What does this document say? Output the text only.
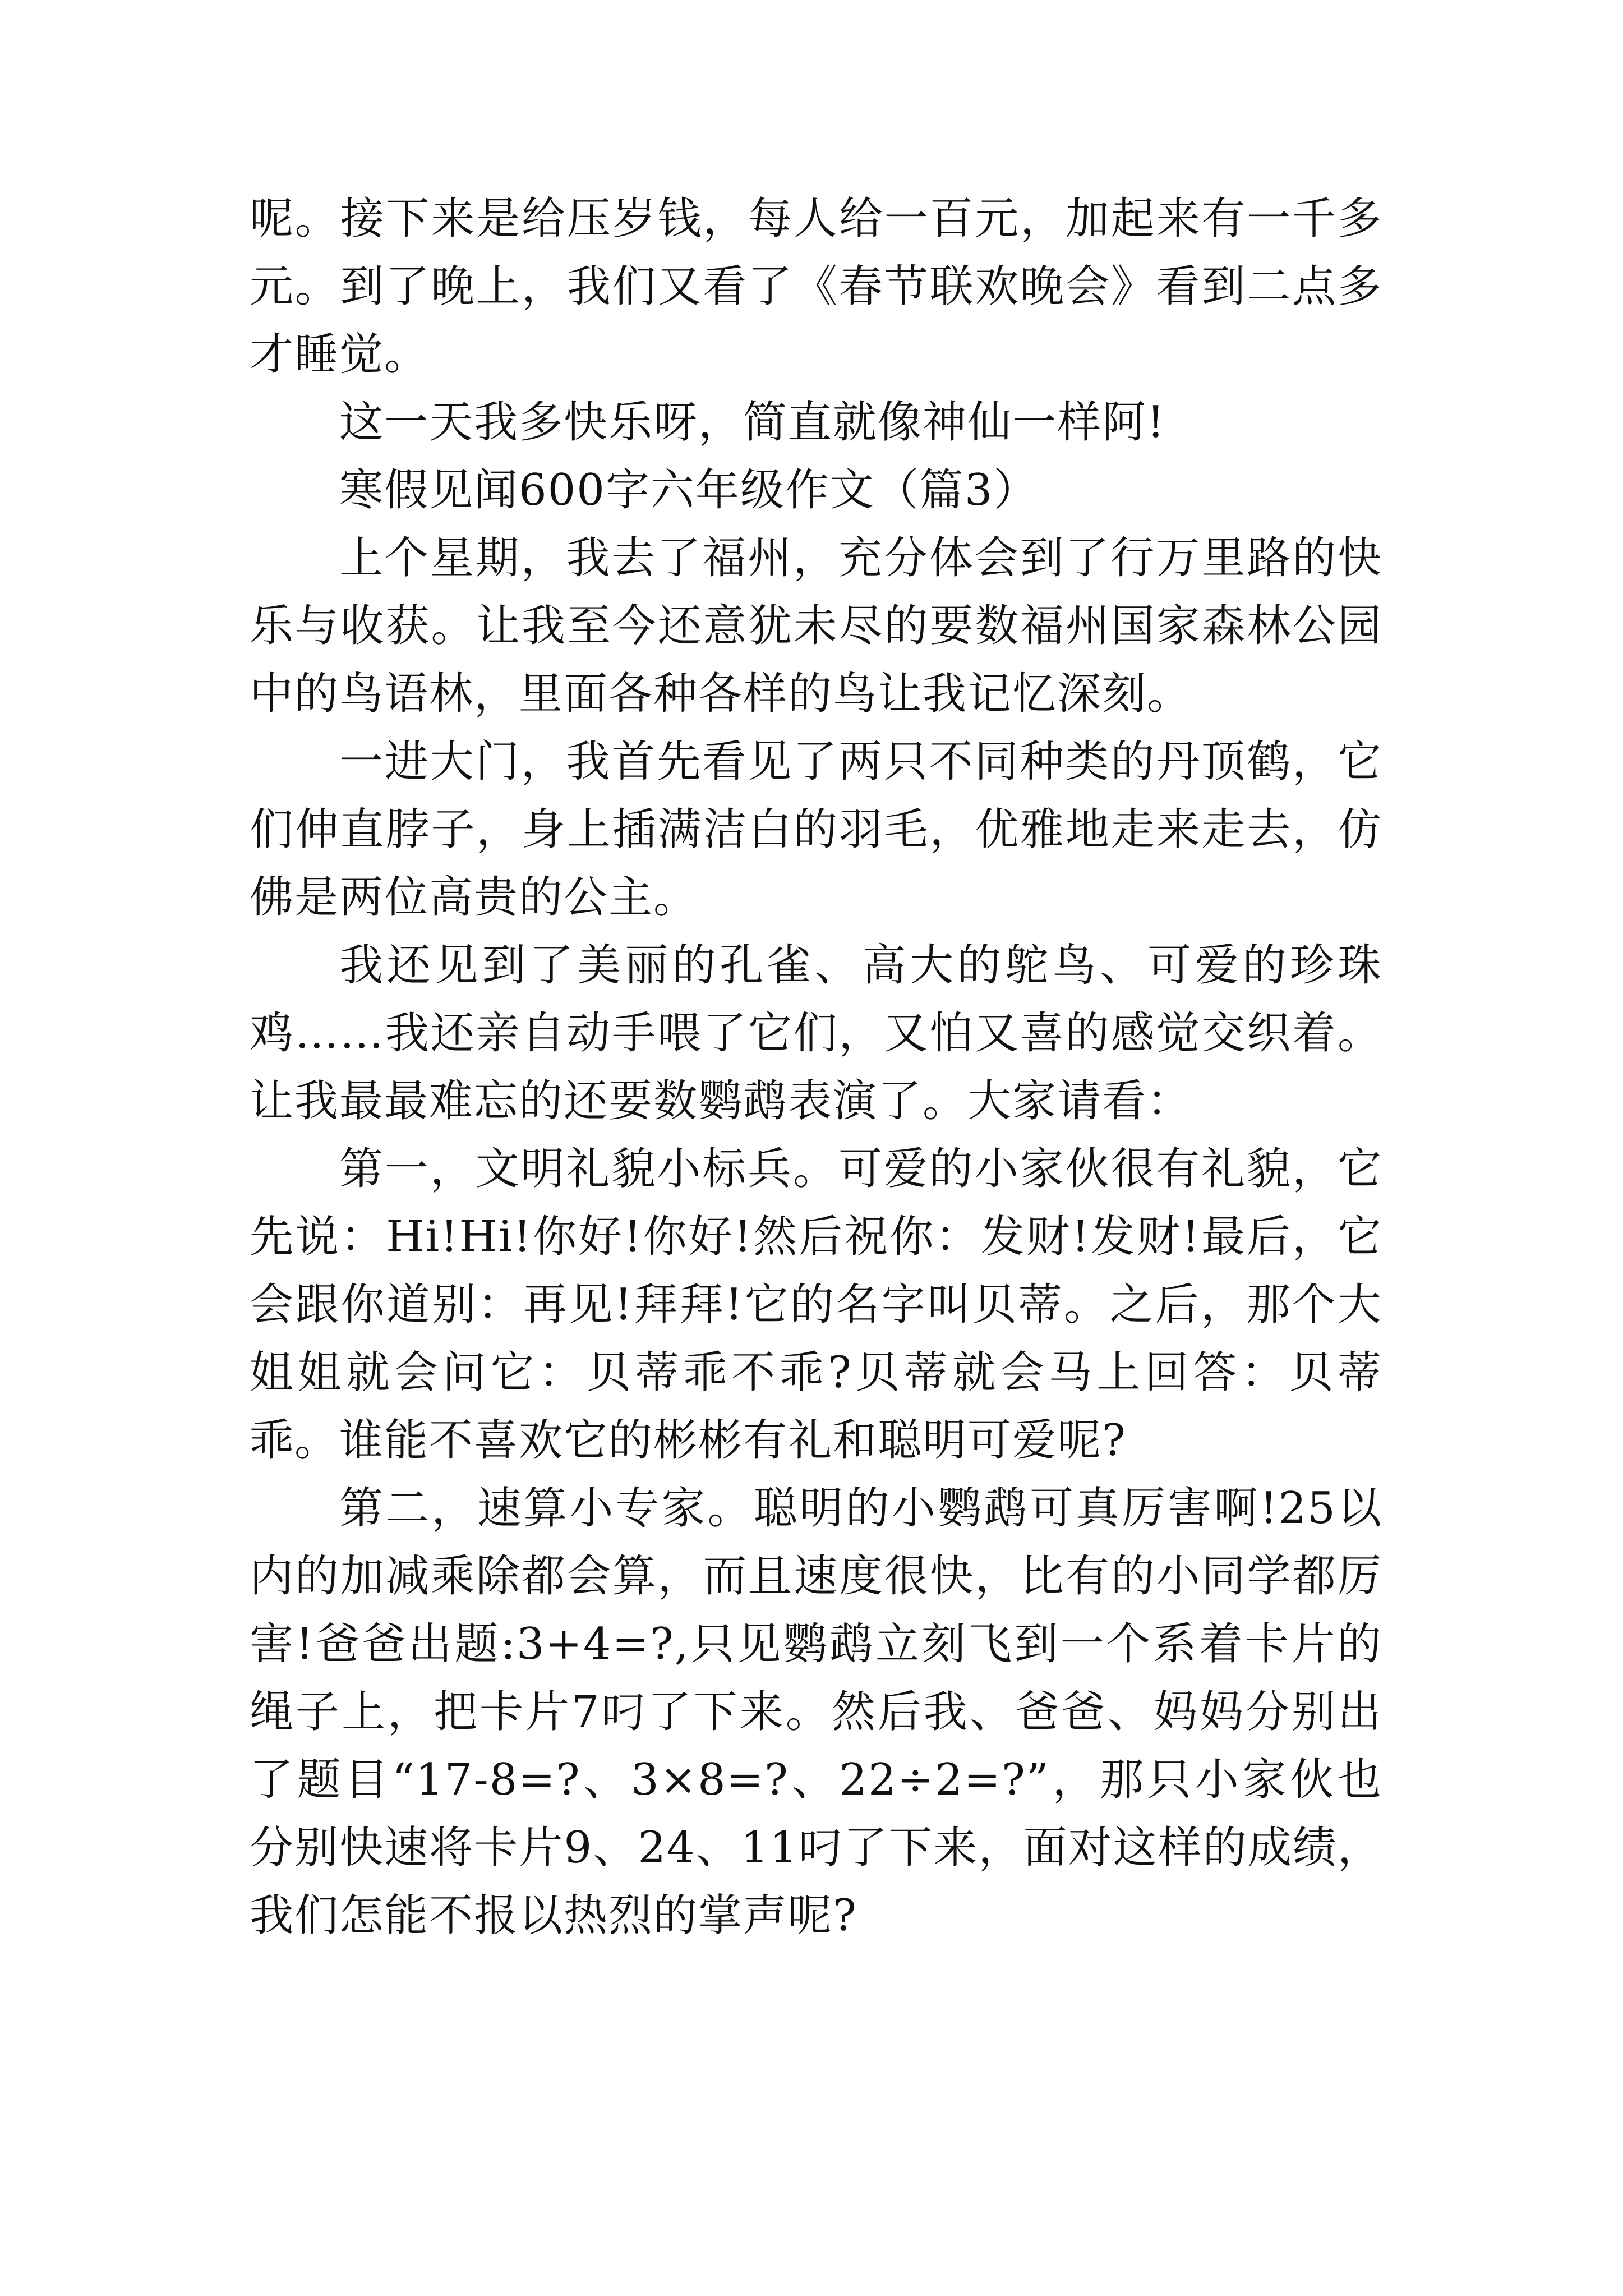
呢。接下来是给压岁钱，每人给一百元，加起来有一千多元。到了晚上，我们又看了《春节联欢晚会》看到二点多才睡觉。

这一天我多快乐呀，简直就像神仙一样阿!

寒假见闻600字六年级作文（篇3）

上个星期，我去了福州，充分体会到了行万里路的快乐与收获。让我至今还意犹未尽的要数福州国家森林公园中的鸟语林，里面各种各样的鸟让我记忆深刻。

一进大门，我首先看见了两只不同种类的丹顶鹤，它们伸直脖子，身上插满洁白的羽毛，优雅地走来走去，仿佛是两位高贵的公主。

我还见到了美丽的孔雀、高大的鸵鸟、可爱的珍珠鸡……我还亲自动手喂了它们，又怕又喜的感觉交织着。让我最最难忘的还要数鹦鹉表演了。大家请看：

第一，文明礼貌小标兵。可爱的小家伙很有礼貌，它先说：Hi!Hi!你好!你好!然后祝你：发财!发财!最后，它会跟你道别：再见!拜拜!它的名字叫贝蒂。之后，那个大姐姐就会问它：贝蒂乖不乖?贝蒂就会马上回答：贝蒂乖。谁能不喜欢它的彬彬有礼和聪明可爱呢?

第二，速算小专家。聪明的小鹦鹉可真厉害啊!25以内的加减乘除都会算，而且速度很快，比有的小同学都厉害!爸爸出题:3+4=?,只见鹦鹉立刻飞到一个系着卡片的绳子上，把卡片7叼了下来。然后我、爸爸、妈妈分别出了题目“17-8=?、3×8=?、22÷2=?”，那只小家伙也分别快速将卡片9、24、11叼了下来，面对这样的成绩，我们怎能不报以热烈的掌声呢?
